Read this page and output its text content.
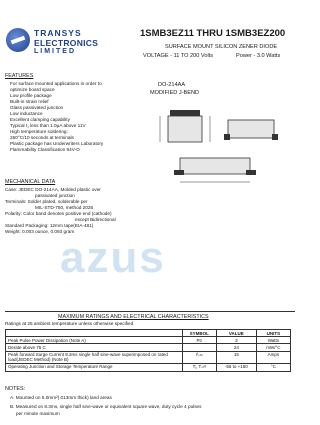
TRANSYS
ELECTRONICS
LIMITED
1SMB3EZ11 THRU 1SMB3EZ200
SURFACE MOUNT SILICON ZENER DIODE
VOLTAGE - 11 TO 200 Volts	Power - 3.0 Watts
FEATURES
For surface mounted applications in order to
optimize board space
Low profile package
Built-in strain relief
Glass passivated junction
Low inductance
Excellent clamping capability
Typical I₁ less than 1.0μA above 11V
High temperature soldering:
260°C/10 seconds at terminals
Plastic package has Underwriters Laboratory
Flammability Classification 94V-O
DO-214AA
MODIFIED J-BEND
MECHANICAL DATA
Case: JEDEC DO-214AA, Molded plastic over
passivated junction
Terminals: Solder plated, solderable per
MIL-STD-750, method 2026
Polarity: Color band denotes positive end (cathode)
except Bidirectional
Standard Packaging: 12mm tape(EIA-481)
Weight: 0.003 ounce, 0.093 gram
azus
MAXIMUM RATINGS AND ELECTRICAL CHARACTERISTICS
Ratings at 25 ambient temperature unless otherwise specified.
	SYMBOL	VALUE	UNITS
Peak Pulse Power Dissipation (Note A)	Pᴅ	3	Watts
Derate above 75 C		24	mW/°C
Peak forward Surge Current 8.3ms single half sine-wave superimposed on rated load(JEDEC Method) (Note B)	Iᶠₛₘ	15	Amps
Operating Junction and Storage Temperature Range	Tⱼ, Tₛₜᵍ	-55 to +150	°C
NOTES:
A. Mounted on 5.0mm²(.013mm thick) land areas
B. Measured on 8.3ms, single half sine-wave or equivalent square wave, duty cycle 4 pulses
per minute maximum
